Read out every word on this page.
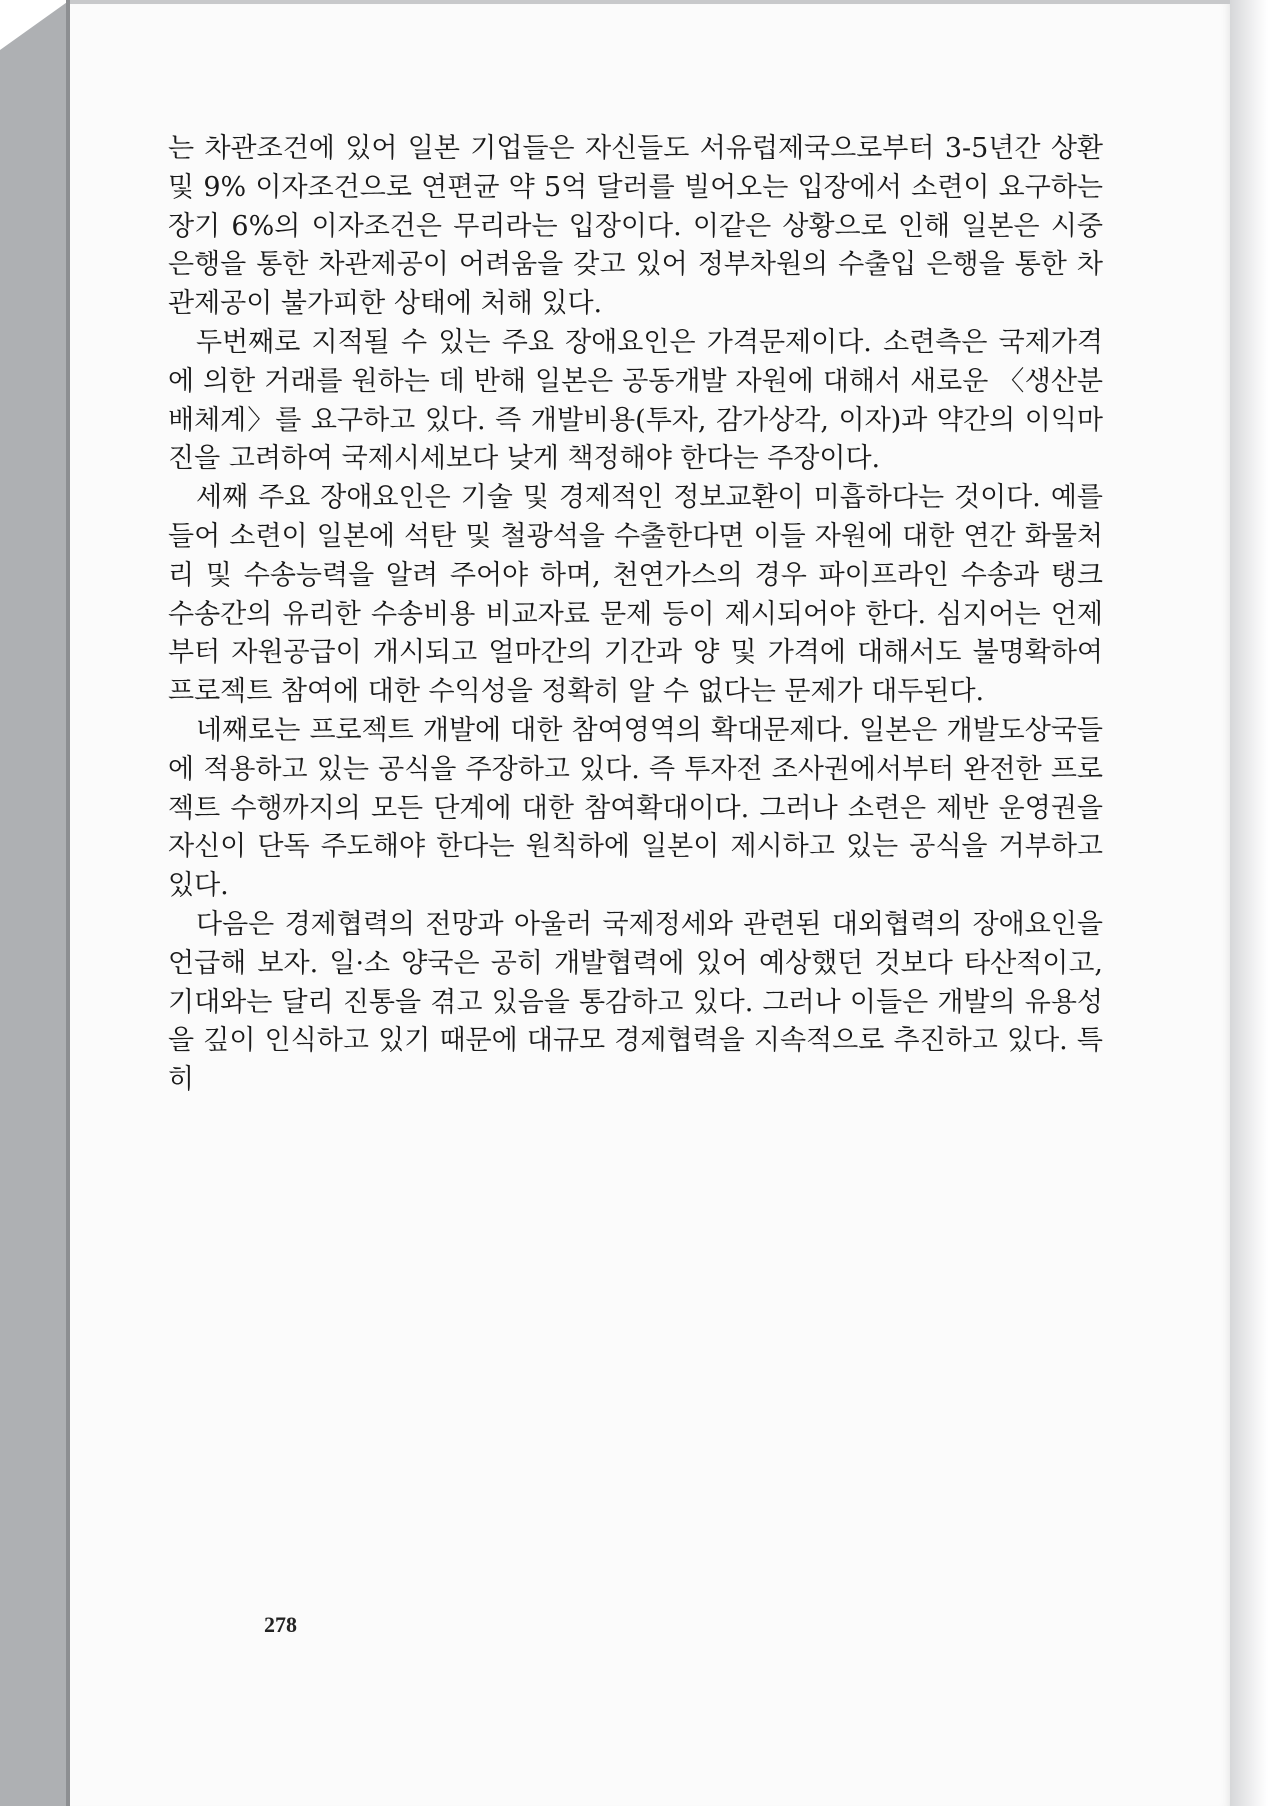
는 차관조건에 있어 일본 기업들은 자신들도 서유럽제국으로부터 3-5년간 상환 및 9% 이자조건으로 연편균 약 5억 달러를 빌어오는 입장에서 소련이 요구하는 장기 6%의 이자조건은 무리라는 입장이다. 이같은 상황으로 인해 일본은 시중은행을 통한 차관제공이 어려움을 갖고 있어 정부차원의 수출입 은행을 통한 차관제공이 불가피한 상태에 처해 있다.

두번째로 지적될 수 있는 주요 장애요인은 가격문제이다. 소련측은 국제가격에 의한 거래를 원하는 데 반해 일본은 공동개발 자원에 대해서 새로운 〈생산분배체계〉를 요구하고 있다. 즉 개발비용(투자, 감가상각, 이자)과 약간의 이익마진을 고려하여 국제시세보다 낮게 책정해야 한다는 주장이다.

세째 주요 장애요인은 기술 및 경제적인 정보교환이 미흡하다는 것이다. 예를 들어 소련이 일본에 석탄 및 철광석을 수출한다면 이들 자원에 대한 연간 화물처리 및 수송능력을 알려 주어야 하며, 천연가스의 경우 파이프라인 수송과 탱크 수송간의 유리한 수송비용 비교자료 문제 등이 제시되어야 한다. 심지어는 언제부터 자원공급이 개시되고 얼마간의 기간과 양 및 가격에 대해서도 불명확하여 프로젝트 참여에 대한 수익성을 정확히 알 수 없다는 문제가 대두된다.

네째로는 프로젝트 개발에 대한 참여영역의 확대문제다. 일본은 개발도상국들에 적용하고 있는 공식을 주장하고 있다. 즉 투자전 조사권에서부터 완전한 프로젝트 수행까지의 모든 단계에 대한 참여확대이다. 그러나 소련은 제반 운영권을 자신이 단독 주도해야 한다는 원칙하에 일본이 제시하고 있는 공식을 거부하고 있다.

다음은 경제협력의 전망과 아울러 국제정세와 관련된 대외협력의 장애요인을 언급해 보자. 일·소 양국은 공히 개발협력에 있어 예상했던 것보다 타산적이고, 기대와는 달리 진통을 겪고 있음을 통감하고 있다. 그러나 이들은 개발의 유용성을 깊이 인식하고 있기 때문에 대규모 경제협력을 지속적으로 추진하고 있다. 특히

278
